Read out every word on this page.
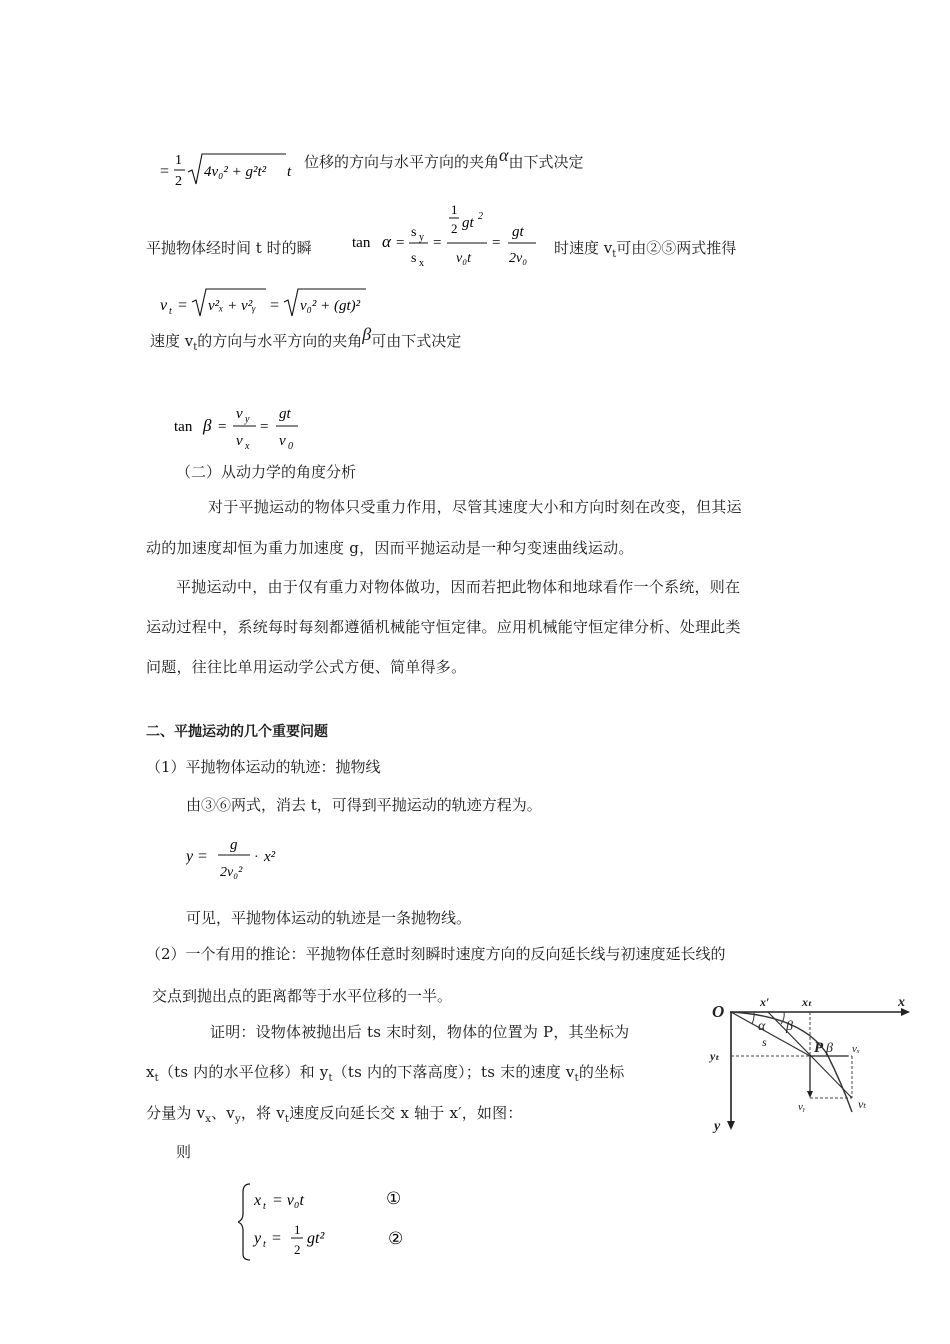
=
1
2
4v₀² + g²t² t
位移的方向与水平方向的夹角α由下式决定
平抛物体经时间 t 时的瞬	tan α =
s y
s x
=
1
2 gt 2
v₀t
=
gt
2v₀
时速度 $v_t$可由②⑤两式推得
v t = v²ₓ + v²ᵧ = v₀² + (gt)²
速度 $v_t$的方向与水平方向的夹角β可由下式决定
tan β =
v y
v x
=
gt
v 0
（二）从动力学的角度分析
对于平抛运动的物体只受重力作用，尽管其速度大小和方向时刻在改变，但其运
动的加速度却恒为重力加速度 g，因而平抛运动是一种匀变速曲线运动。
平抛运动中，由于仅有重力对物体做功，因而若把此物体和地球看作一个系统，则在
运动过程中，系统每时每刻都遵循机械能守恒定律。应用机械能守恒定律分析、处理此类
问题，往往比单用运动学公式方便、简单得多。
二、平抛运动的几个重要问题
（1）平抛物体运动的轨迹：抛物线
由③⑥两式，消去 t，可得到平抛运动的轨迹方程为。
y =
g
2v₀²
· x²
可见，平抛物体运动的轨迹是一条抛物线。
（2）一个有用的推论：平抛物体任意时刻瞬时速度方向的反向延长线与初速度延长线的
交点到抛出点的距离都等于水平位移的一半。
证明：设物体被抛出后 ts 末时刻，物体的位置为 P，其坐标为
$x_t(ts$ 内的水平位移）和 $y_t(ts$ 内的下落高度）；ts 末的速度 $v_t$的坐标
分量为 $v_x$、$v_y$，将 $v_t$速度反向延长交 x 轴于 x′，如图：
则
x t = v₀t	①
y t =
1
2
gt²	②
O	x
y
x′	xₜ
yₜ
α β
s	P β vₓ
vᵧ	vₜ
